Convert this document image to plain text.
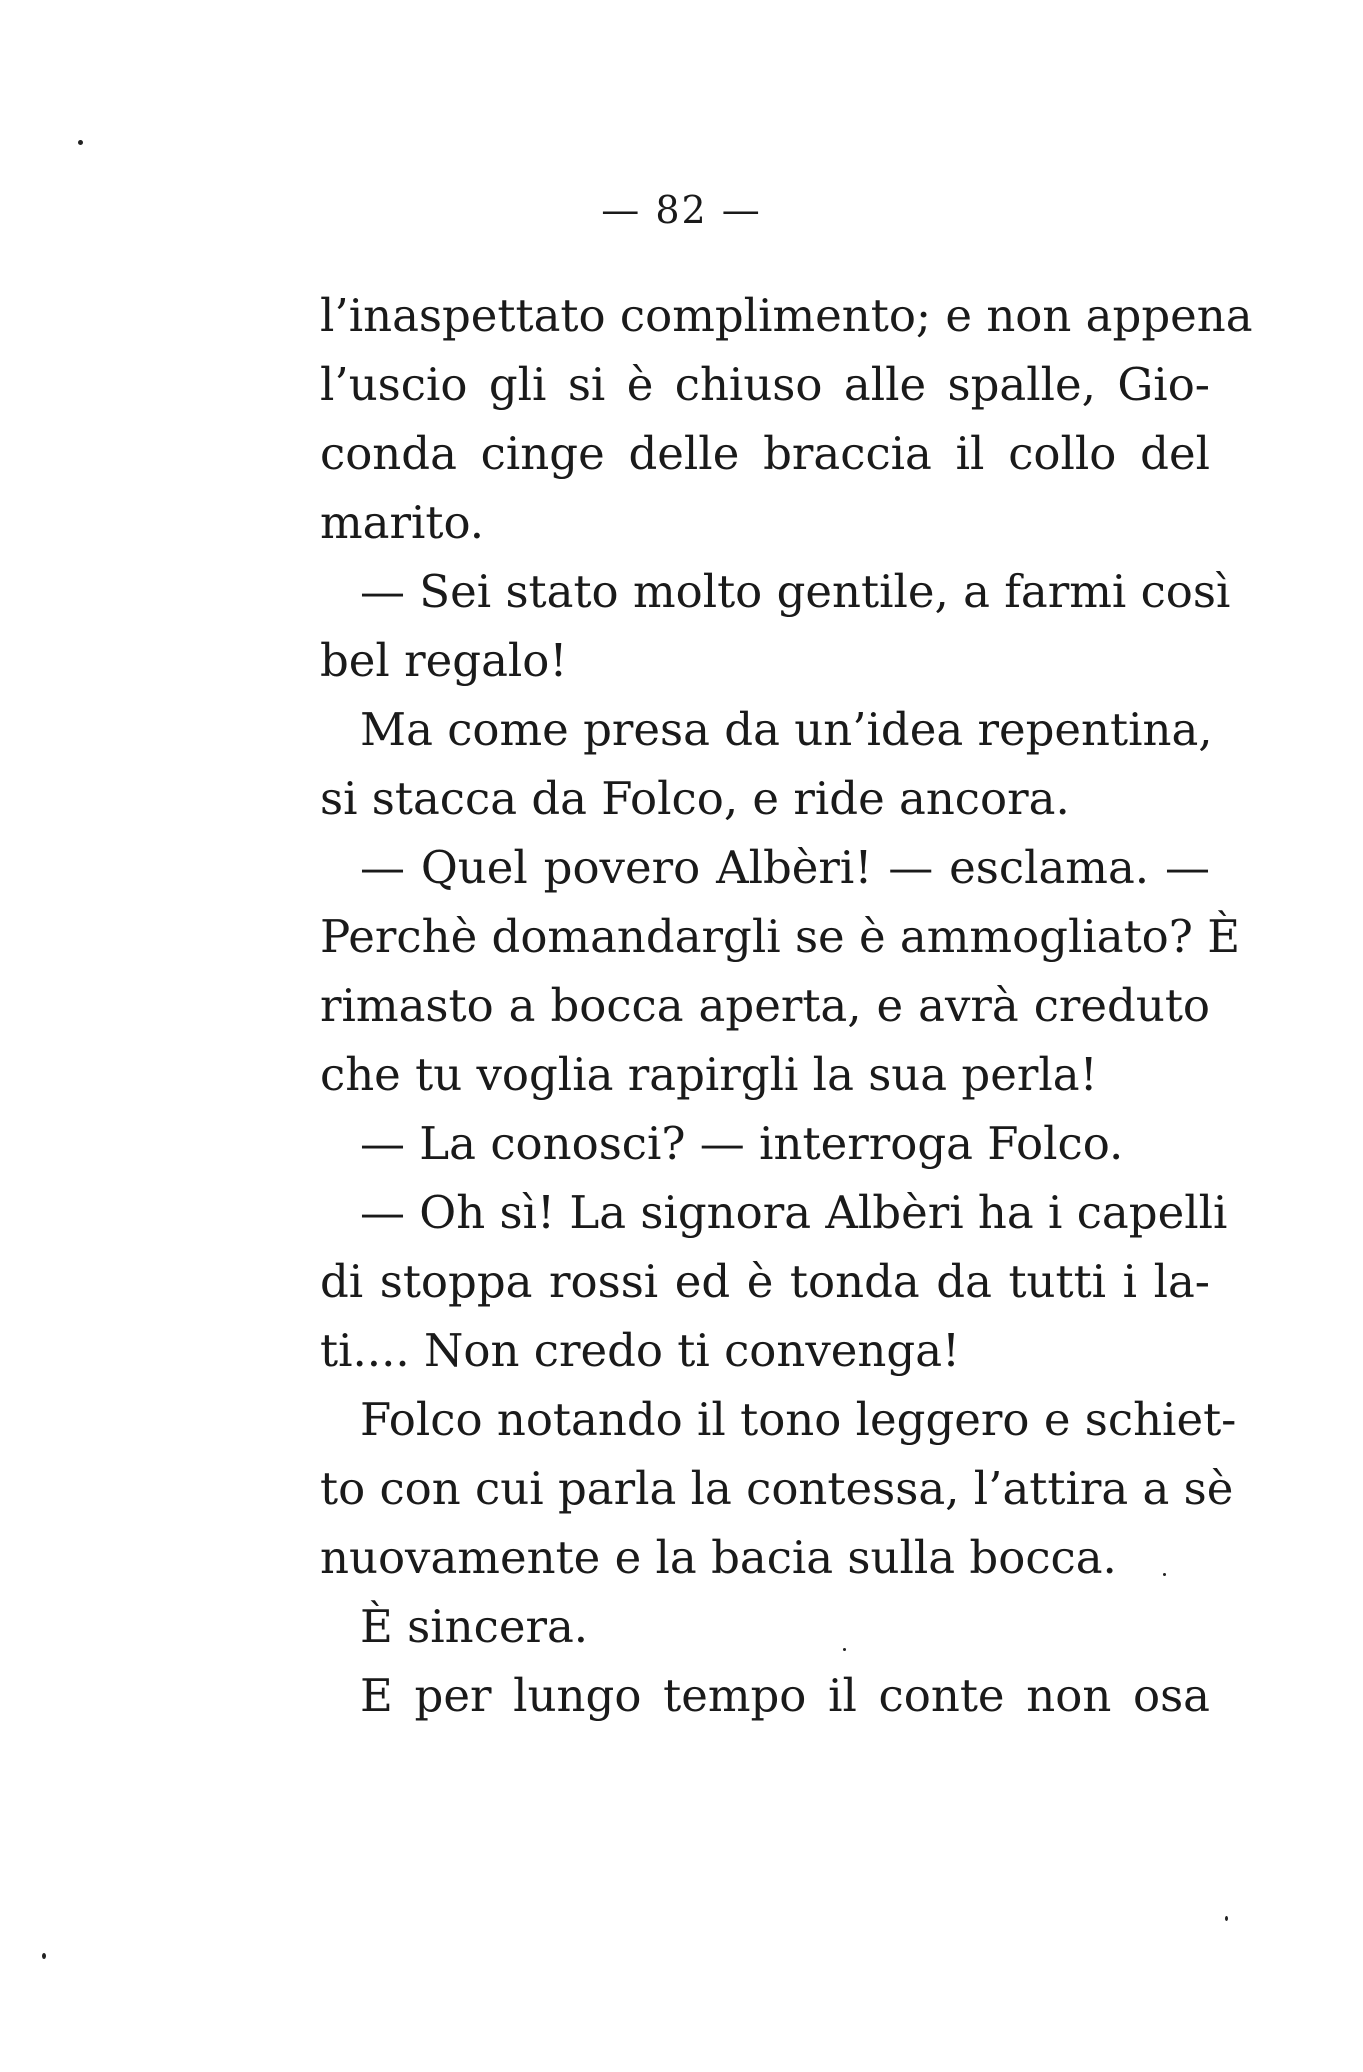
— 82 —
l’inaspettato complimento; e non appena
l’uscio gli si è chiuso alle spalle, Gio-
conda cinge delle braccia il collo del
marito.
— Sei stato molto gentile, a farmi così
bel regalo!
Ma come presa da un’idea repentina,
si stacca da Folco, e ride ancora.
— Quel povero Albèri! — esclama. —
Perchè domandargli se è ammogliato? È
rimasto a bocca aperta, e avrà creduto
che tu voglia rapirgli la sua perla!
— La conosci? — interroga Folco.
— Oh sì! La signora Albèri ha i capelli
di stoppa rossi ed è tonda da tutti i la-
ti.... Non credo ti convenga!
Folco notando il tono leggero e schiet-
to con cui parla la contessa, l’attira a sè
nuovamente e la bacia sulla bocca.
È sincera.
E per lungo tempo il conte non osa
